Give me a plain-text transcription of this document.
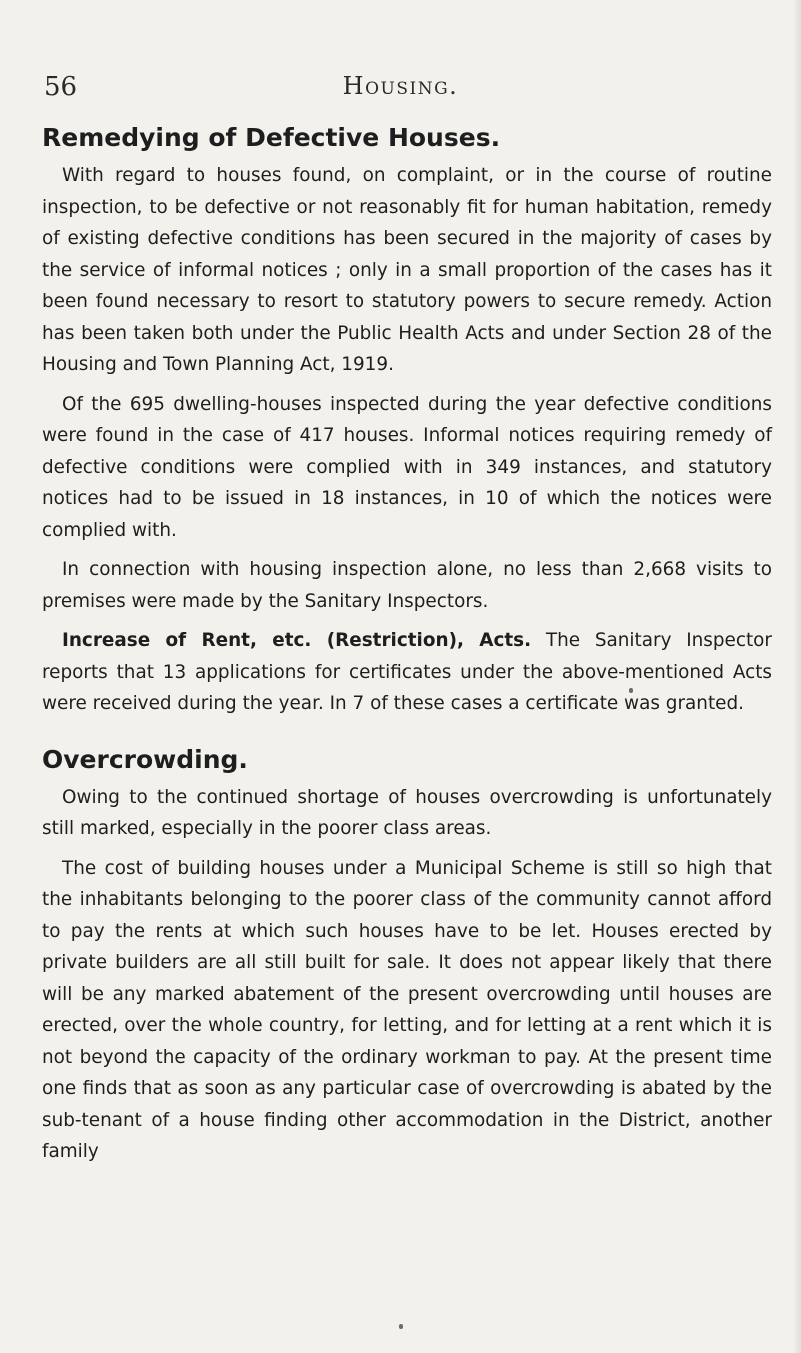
56	Housing.
Remedying of Defective Houses.

With regard to houses found, on complaint, or in the course of routine inspection, to be defective or not reasonably fit for human habitation, remedy of existing defective conditions has been secured in the majority of cases by the service of informal notices ; only in a small proportion of the cases has it been found necessary to resort to statutory powers to secure remedy. Action has been taken both under the Public Health Acts and under Section 28 of the Housing and Town Planning Act, 1919.

Of the 695 dwelling-houses inspected during the year defective conditions were found in the case of 417 houses. Informal notices requiring remedy of defective conditions were complied with in 349 instances, and statutory notices had to be issued in 18 instances, in 10 of which the notices were complied with.

In connection with housing inspection alone, no less than 2,668 visits to premises were made by the Sanitary Inspectors.

Increase of Rent, etc. (Restriction), Acts. The Sanitary Inspector reports that 13 applications for certificates under the above-mentioned Acts were received during the year. In 7 of these cases a certificate was granted.

Overcrowding.

Owing to the continued shortage of houses overcrowding is unfortunately still marked, especially in the poorer class areas.

The cost of building houses under a Municipal Scheme is still so high that the inhabitants belonging to the poorer class of the community cannot afford to pay the rents at which such houses have to be let. Houses erected by private builders are all still built for sale. It does not appear likely that there will be any marked abatement of the present overcrowding until houses are erected, over the whole country, for letting, and for letting at a rent which it is not beyond the capacity of the ordinary workman to pay. At the present time one finds that as soon as any particular case of overcrowding is abated by the sub-tenant of a house finding other accommodation in the District, another family
